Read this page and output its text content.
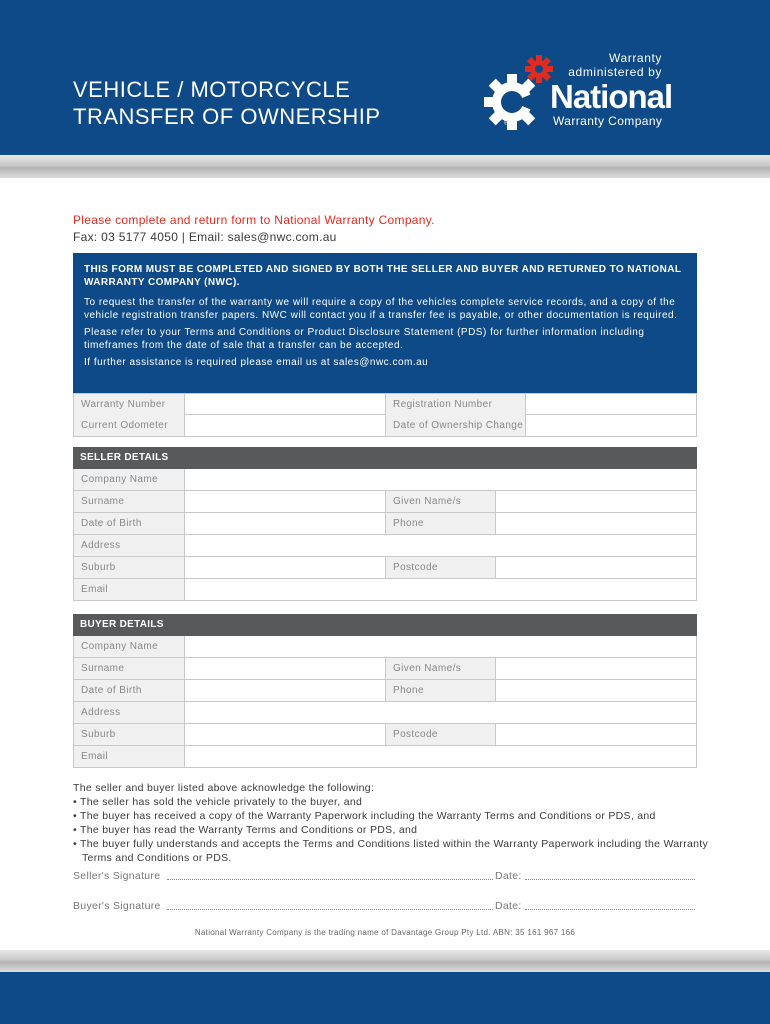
VEHICLE / MOTORCYCLE
TRANSFER OF OWNERSHIP
Warranty
administered by
National
Warranty Company
®
Please complete and return form to National Warranty Company.
Fax: 03 5177 4050 | Email: sales@nwc.com.au
THIS FORM MUST BE COMPLETED AND SIGNED BY BOTH THE SELLER AND BUYER AND RETURNED TO NATIONAL WARRANTY COMPANY (NWC).

To request the transfer of the warranty we will require a copy of the vehicles complete service records, and a copy of the vehicle registration transfer papers. NWC will contact you if a transfer fee is payable, or other documentation is required.

Please refer to your Terms and Conditions or Product Disclosure Statement (PDS) for further information including timeframes from the date of sale that a transfer can be accepted.

If further assistance is required please email us at sales@nwc.com.au

Warranty Number	Registration Number
Current Odometer	Date of Ownership Change
SELLER DETAILS
Company Name
Surname	Given Name/s
Date of Birth	Phone
Address
Suburb	Postcode
Email
BUYER DETAILS
Company Name
Surname	Given Name/s
Date of Birth	Phone
Address
Suburb	Postcode
Email
The seller and buyer listed above acknowledge the following:
• The seller has sold the vehicle privately to the buyer, and
• The buyer has received a copy of the Warranty Paperwork including the Warranty Terms and Conditions or PDS, and
• The buyer has read the Warranty Terms and Conditions or PDS, and
• The buyer fully understands and accepts the Terms and Conditions listed within the Warranty Paperwork including the Warranty Terms and Conditions or PDS.
Seller's Signature	Date:
Buyer's Signature	Date:
National Warranty Company is the trading name of Davantage Group Pty Ltd. ABN: 35 161 967 166
